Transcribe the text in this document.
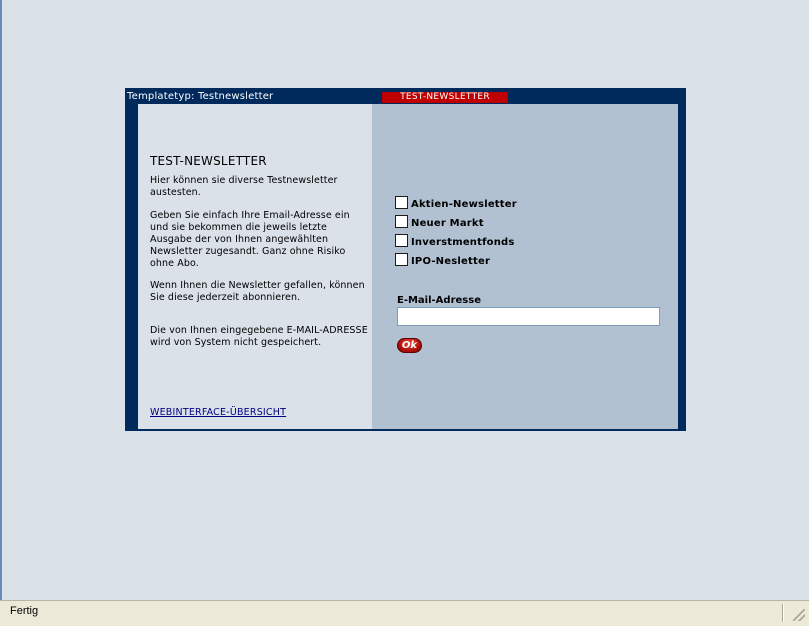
Templatetyp: Testnewsletter	TEST-NEWSLETTER
TEST-NEWSLETTER

Hier können sie diverse Testnewsletter austesten.

Geben Sie einfach Ihre Email-Adresse ein und sie bekommen die jeweils letzte Ausgabe der von Ihnen angewählten Newsletter zugesandt. Ganz ohne Risiko ohne Abo.

Wenn Ihnen die Newsletter gefallen, können Sie diese jederzeit abonnieren.

Die von Ihnen eingegebene E-MAIL-ADRESSE wird von System nicht gespeichert.

WEBINTERFACE-ÜBERSICHT
Aktien-Newsletter
Neuer Markt
Inverstmentfonds
IPO-Nesletter
E-Mail-Adresse
Ok
Fertig
